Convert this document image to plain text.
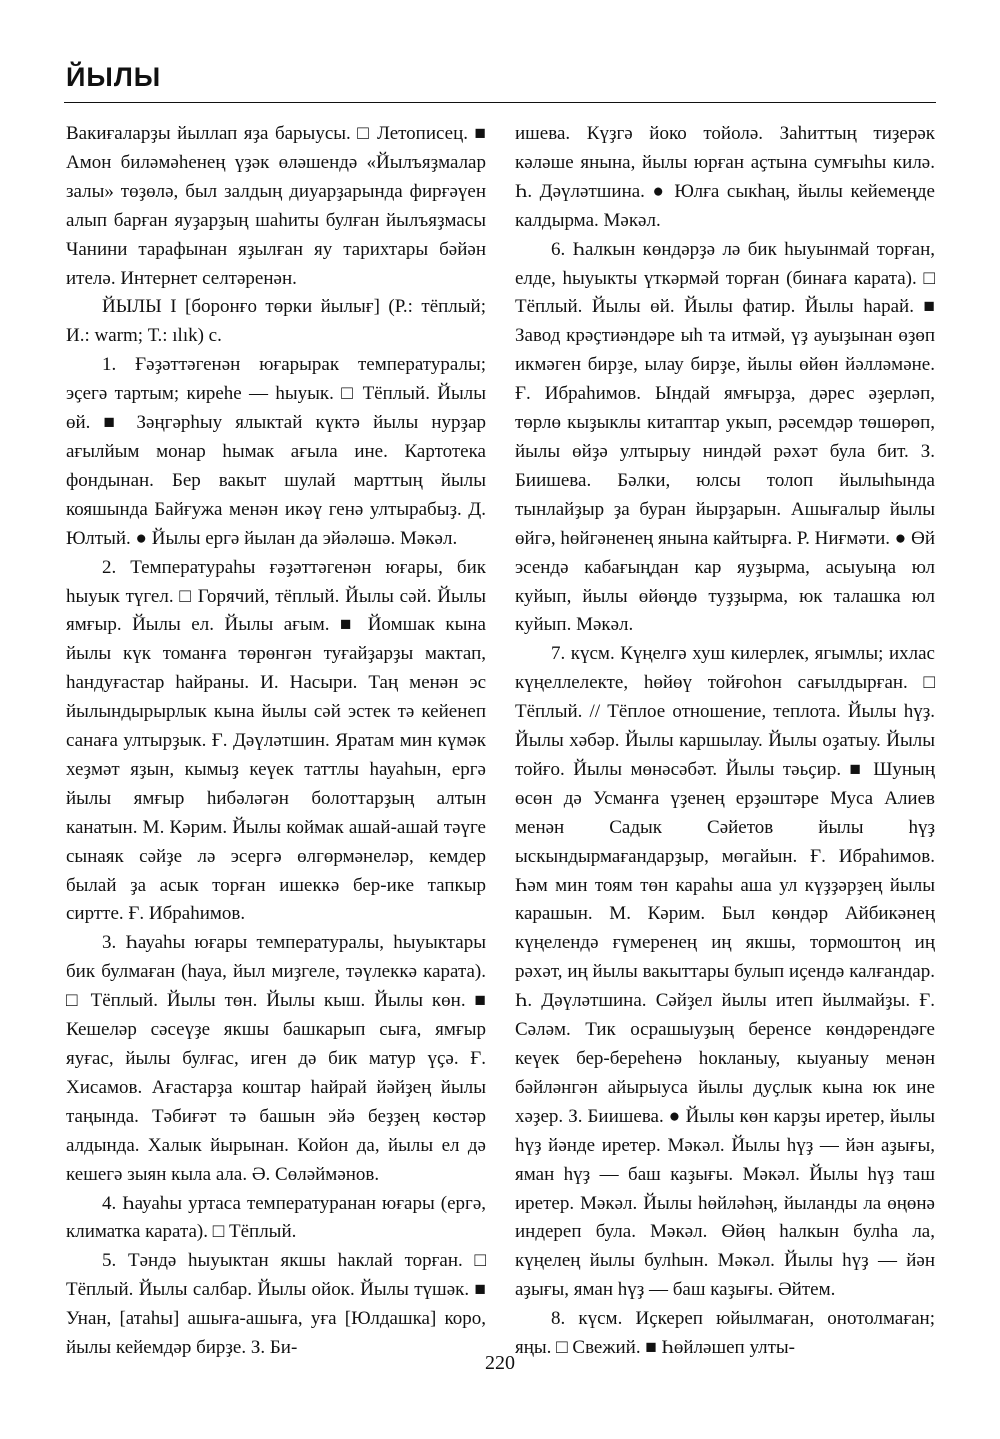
ЙЫЛЫ

Вакиғаларҙы йыллап яҙа барыусы. □ Летописец. ■ Амон биләмәһенең үҙәк өләшендә «Йылъяҙмалар залы» төҙөлә, был залдың диуарҙарында фирғәүен алып барған яуҙарҙың шаһиты булған йылъяҙмасы Чанини тарафынан яҙылған яу тарихтары бәйән ителә. Интернет селтәренән.

ЙЫЛЫ I [боронғо төрки йылығ] (Р.: тёплый; И.: warm; Т.: ılık) с.

1. Ғәҙәттәгенән юғарырак температуралы; эҫегә тартым; киреһе — һыуык. □ Тёплый. Йылы өй. ■ Зәңгәрһыу ялыктай күктә йылы нурҙар ағылйым монар һымак ағыла ине. Картотека фондынан. Бер вакыт шулай марттың йылы кояшында Байғужа менән икәү генә ултырабыҙ. Д. Юлтый. ● Йылы ергә йылан да эйәләшә. Мәкәл.

2. Температураһы ғәҙәттәгенән юғары, бик һыуык түгел. □ Горячий, тёплый. Йылы сәй. Йылы ямғыр. Йылы ел. Йылы ағым. ■ Йомшак кына йылы күк томанға төрөнгән туғайҙарҙы мактап, һандуғастар һайраны. И. Насыри. Таң менән эс йылындырырлык кына йылы сәй эстек тә кейенеп санаға ултырҙык. Ғ. Дәүләтшин. Яратам мин күмәк хеҙмәт яҙын, кымыҙ кеүек таттлы һауаһын, ергә йылы ямғыр һибәләгән болоттарҙың алтын канатын. М. Кәрим. Йылы коймак ашай-ашай тәүге сынаяк сәйҙе лә эсергә өлгөрмәнеләр, кемдер былай ҙа асык торған ишеккә бер-ике тапкыр сиртте. Ғ. Ибраһимов.

3. Һауаһы юғары температуралы, һыуыктары бик булмаған (һауа, йыл миҙгеле, тәүлеккә карата). □ Тёплый. Йылы төн. Йылы кыш. Йылы көн. ■ Кешеләр сәсеүҙе якшы башкарып сыға, ямғыр яуғас, йылы булғас, иген дә бик матур үҫә. Ғ. Хисамов. Ағастарҙа коштар һайрай йәйҙең йылы таңында. Тәбиғәт тә башын эйә беҙҙең көстәр алдында. Халык йырынан. Койон да, йылы ел дә кешегә зыян кыла ала. Ә. Сөләймәнов.

4. Һауаһы уртаса температуранан юғары (ергә, климатка карата). □ Тёплый.

5. Тәндә һыуыктан якшы һаклай торған. □ Тёплый. Йылы салбар. Йылы ойок. Йылы түшәк. ■ Унан, [атаһы] ашыға-ашыға, уға [Юлдашка] коро, йылы кейемдәр бирҙе. З. Би-

ишева. Күҙгә йоко тойолә. Заһиттың тиҙерәк кәләше янына, йылы юрған аҫтына сумғыһы килә. Һ. Дәүләтшина. ● Юлға сыкһаң, йылы кейемеңде калдырма. Мәкәл.

6. Һалкын көндәрҙә лә бик һыуынмай торған, елде, һыуыкты үткәрмәй торған (бинаға карата). □ Тёплый. Йылы өй. Йылы фатир. Йылы һарай. ■ Завод крәҫтиәндәре ыһ та итмәй, үҙ ауыҙынан өҙөп икмәген бирҙе, ылау бирҙе, йылы өйөн йәлләмәне. Ғ. Ибраһимов. Ындай ямғырҙа, дәрес әҙерләп, төрлө кыҙыклы китаптар укып, рәсемдәр төшөрөп, йылы өйҙә ултырыу ниндәй рәхәт була бит. З. Биишева. Бәлки, юлсы толоп йылыһында тынлайҙыр ҙа буран йырҙарын. Ашығалыр йылы өйгә, һөйгәненең янына кайтырға. Р. Ниғмәти. ● Өй эсендә кабағыңдан кар яуҙырма, асыуыңа юл куйып, йылы өйөңдө туҙҙырма, юк талашка юл куйып. Мәкәл.

7. күсм. Күңелгә хуш килерлек, ягымлы; ихлас күңеллелекте, һөйөү тойғоһон сағылдырған. □ Тёплый. // Тёплое отношение, теплота. Йылы һүҙ. Йылы хәбәр. Йылы каршылау. Йылы оҙатыу. Йылы тойғо. Йылы мөнәсәбәт. Йылы тәьҫир. ■ Шуның өсөн дә Усманға үҙенең ерҙәштәре Муса Алиев менән Садык Сәйетов йылы һүҙ ыскындырмағандарҙыр, мөгайын. Ғ. Ибраһимов. Һәм мин тоям төн караһы аша ул күҙҙәрҙең йылы карашын. М. Кәрим. Был көндәр Айбикәнең күңелендә ғүмеренең иң якшы, тормоштоң иң рәхәт, иң йылы вакыттары булып иҫендә калғандар. Һ. Дәүләтшина. Сәйҙел йылы итеп йылмайҙы. Ғ. Сәләм. Тик осрашыуҙың беренсе көндәрендәге кеүек бер-береһенә һокланыу, кыуаныу менән бәйләнгән айырыуса йылы дуҫлык кына юк ине хәҙер. З. Биишева. ● Йылы көн карҙы иретер, йылы һүҙ йәнде иретер. Мәкәл. Йылы һүҙ — йән аҙығы, яман һүҙ — баш каҙығы. Мәкәл. Йылы һүҙ таш иретер. Мәкәл. Йылы һөйләһәң, йыланды ла өңөнә индереп була. Мәкәл. Өйөң һалкын булһа ла, күңелең йылы булһын. Мәкәл. Йылы һүҙ — йән аҙығы, яман һүҙ — баш каҙығы. Әйтем.

8. күсм. Иҫкереп юйылмаған, онотолмаған; яңы. □ Свежий. ■ Һөйләшеп улты-

220
